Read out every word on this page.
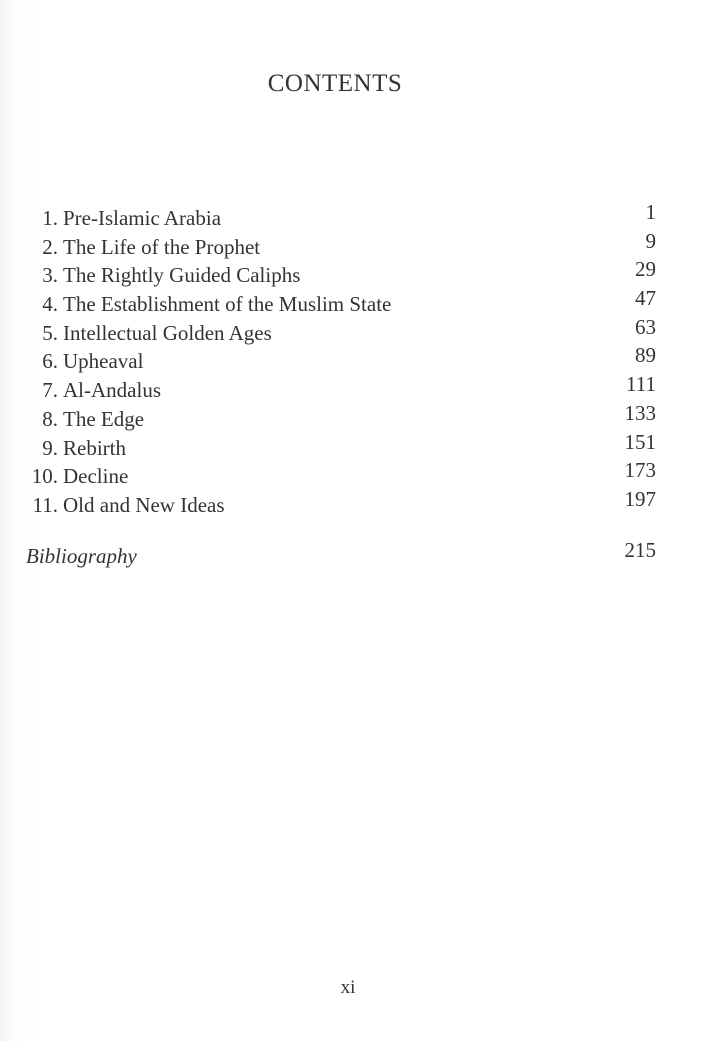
CONTENTS
1. Pre-Islamic Arabia	1
2. The Life of the Prophet	9
3. The Rightly Guided Caliphs	29
4. The Establishment of the Muslim State	47
5. Intellectual Golden Ages	63
6. Upheaval	89
7. Al-Andalus	111
8. The Edge	133
9. Rebirth	151
10. Decline	173
11. Old and New Ideas	197
Bibliography	215
xi
